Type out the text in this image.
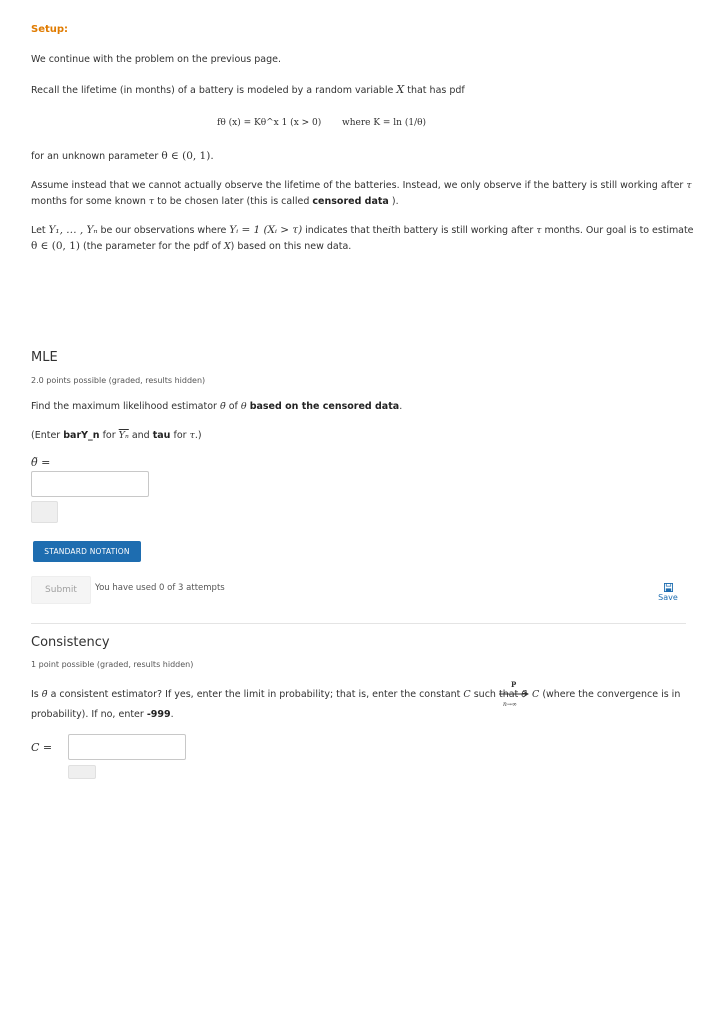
Setup:
We continue with the problem on the previous page.
Recall the lifetime (in months) of a battery is modeled by a random variable X that has pdf
fθ (x) = Kθ^x 1 (x > 0) where K = ln (1/θ)
for an unknown parameter θ ∈ (0, 1).
Assume instead that we cannot actually observe the lifetime of the batteries. Instead, we only observe if the battery is still working after τ
months for some known τ to be chosen later (this is called censored data ).
Let Y₁, … , Yₙ be our observations where Yᵢ = 1 (Xᵢ > τ) indicates that theith battery is still working after τ months. Our goal is to estimate
θ ∈ (0, 1) (the parameter for the pdf of X) based on this new data.
MLE
2.0 points possible (graded, results hidden)
Find the maximum likelihood estimator θ̃ of θ based on the censored data.
(Enter barY_n for $\overline{Y_n}$ and tau for τ.)
θ̃ =
STANDARD NOTATION
Submit	You have used 0 of 3 attempts
Save
Consistency
1 point possible (graded, results hidden)
Is θ̃ a consistent estimator? If yes, enter the limit in probability; that is, enter the constant C such that θ̃
P
n→∞
C (where the convergence is in
probability). If no, enter -999.
C =
